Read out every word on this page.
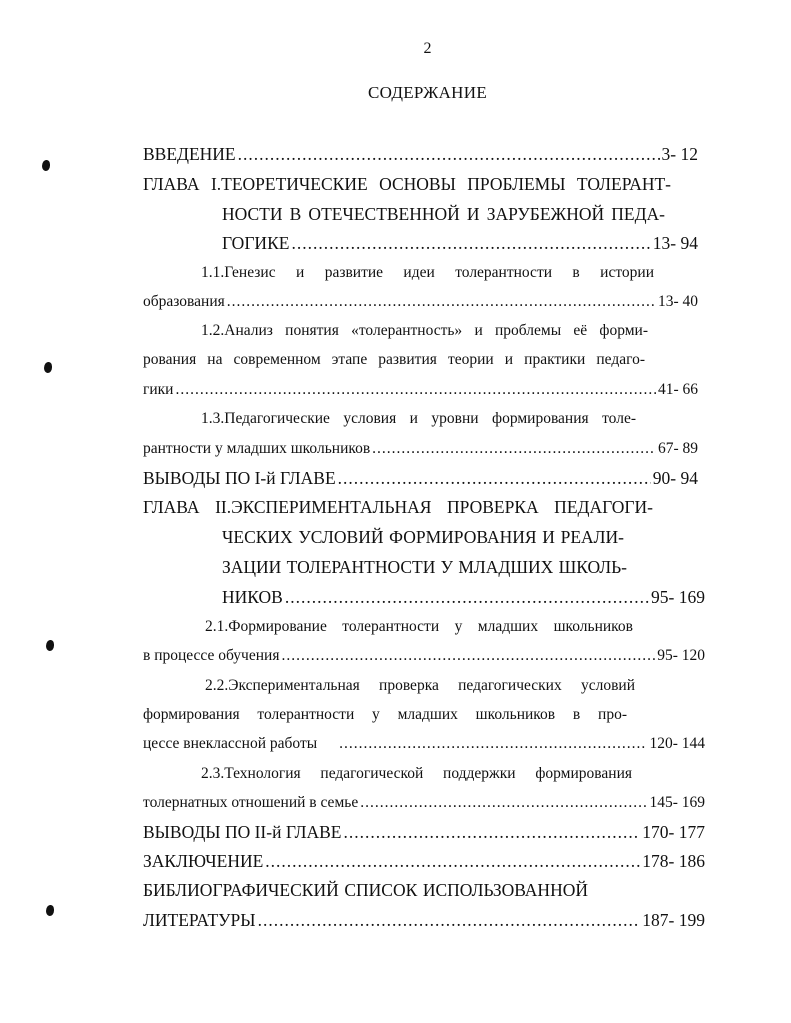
2
СОДЕРЖАНИЕ
ВВЕДЕНИЕ .....	3- 12
ГЛАВА I.ТЕОРЕТИЧЕСКИЕ ОСНОВЫ ПРОБЛЕМЫ ТОЛЕРАНТ-
НОСТИ В ОТЕЧЕСТВЕННОЙ И ЗАРУБЕЖНОЙ ПЕДА-
ГОГИКЕ .....	13- 94
1.1.Генезис и развитие идеи толерантности в истории
образования .....	13- 40
1.2.Анализ понятия «толерантность» и проблемы её форми-
рования на современном этапе развития теории и практики педаго-
гики .....	41- 66
1.3.Педагогические условия и уровни формирования толе-
рантности у младших школьников .....	67- 89
ВЫВОДЫ ПО I-й ГЛАВЕ .....	90- 94
ГЛАВА II.ЭКСПЕРИМЕНТАЛЬНАЯ ПРОВЕРКА ПЕДАГОГИ-
ЧЕСКИХ УСЛОВИЙ ФОРМИРОВАНИЯ И РЕАЛИ-
ЗАЦИИ ТОЛЕРАНТНОСТИ У МЛАДШИХ ШКОЛЬ-
НИКОВ .....	95- 169
2.1.Формирование толерантности у младших школьников
в процессе обучения .....	95- 120
2.2.Экспериментальная проверка педагогических условий
формирования толерантности у младших школьников в про-
цессе внеклассной работы .....	120- 144
2.3.Технология педагогической поддержки формирования
толернатных отношений в семье .....	145- 169
ВЫВОДЫ ПО II-й ГЛАВЕ .....	170- 177
ЗАКЛЮЧЕНИЕ .....	178- 186
БИБЛИОГРАФИЧЕСКИЙ СПИСОК ИСПОЛЬЗОВАННОЙ
ЛИТЕРАТУРЫ .....	187- 199
